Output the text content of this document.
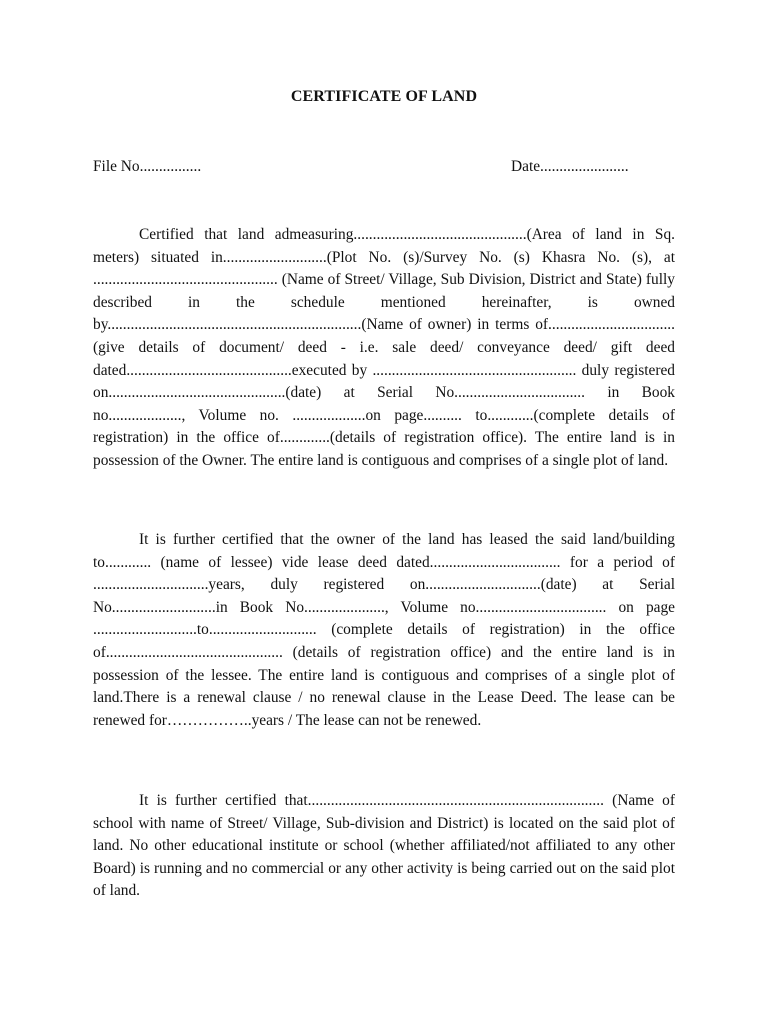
CERTIFICATE OF LAND
File No................	Date.......................

Certified that land admeasuring.............................................(Area of land in Sq. meters) situated in...........................(Plot No. (s)/Survey No. (s) Khasra No. (s), at ................................................ (Name of Street/ Village, Sub Division, District and State) fully described in the schedule mentioned hereinafter, is owned by..................................................................(Name of owner) in terms of................................. (give details of document/ deed - i.e. sale deed/ conveyance deed/ gift deed dated...........................................executed by ..................................................... duly registered on..............................................(date) at Serial No.................................. in Book no..................., Volume no. ...................on page.......... to............(complete details of registration) in the office of.............(details of registration office). The entire land is in possession of the Owner. The entire land is contiguous and comprises of a single plot of land.

It is further certified that the owner of the land has leased the said land/building to............ (name of lessee) vide lease deed dated.................................. for a period of ..............................years, duly registered on..............................(date) at Serial No...........................in Book No....................., Volume no.................................. on page ...........................to............................ (complete details of registration) in the office of.............................................. (details of registration office) and the entire land is in possession of the lessee. The entire land is contiguous and comprises of a single plot of land.There is a renewal clause / no renewal clause in the Lease Deed. The lease can be renewed for……………..years / The lease can not be renewed.

It is further certified that............................................................................. (Name of school with name of Street/ Village, Sub-division and District) is located on the said plot of land. No other educational institute or school (whether affiliated/not affiliated to any other Board) is running and no commercial or any other activity is being carried out on the said plot of land.
